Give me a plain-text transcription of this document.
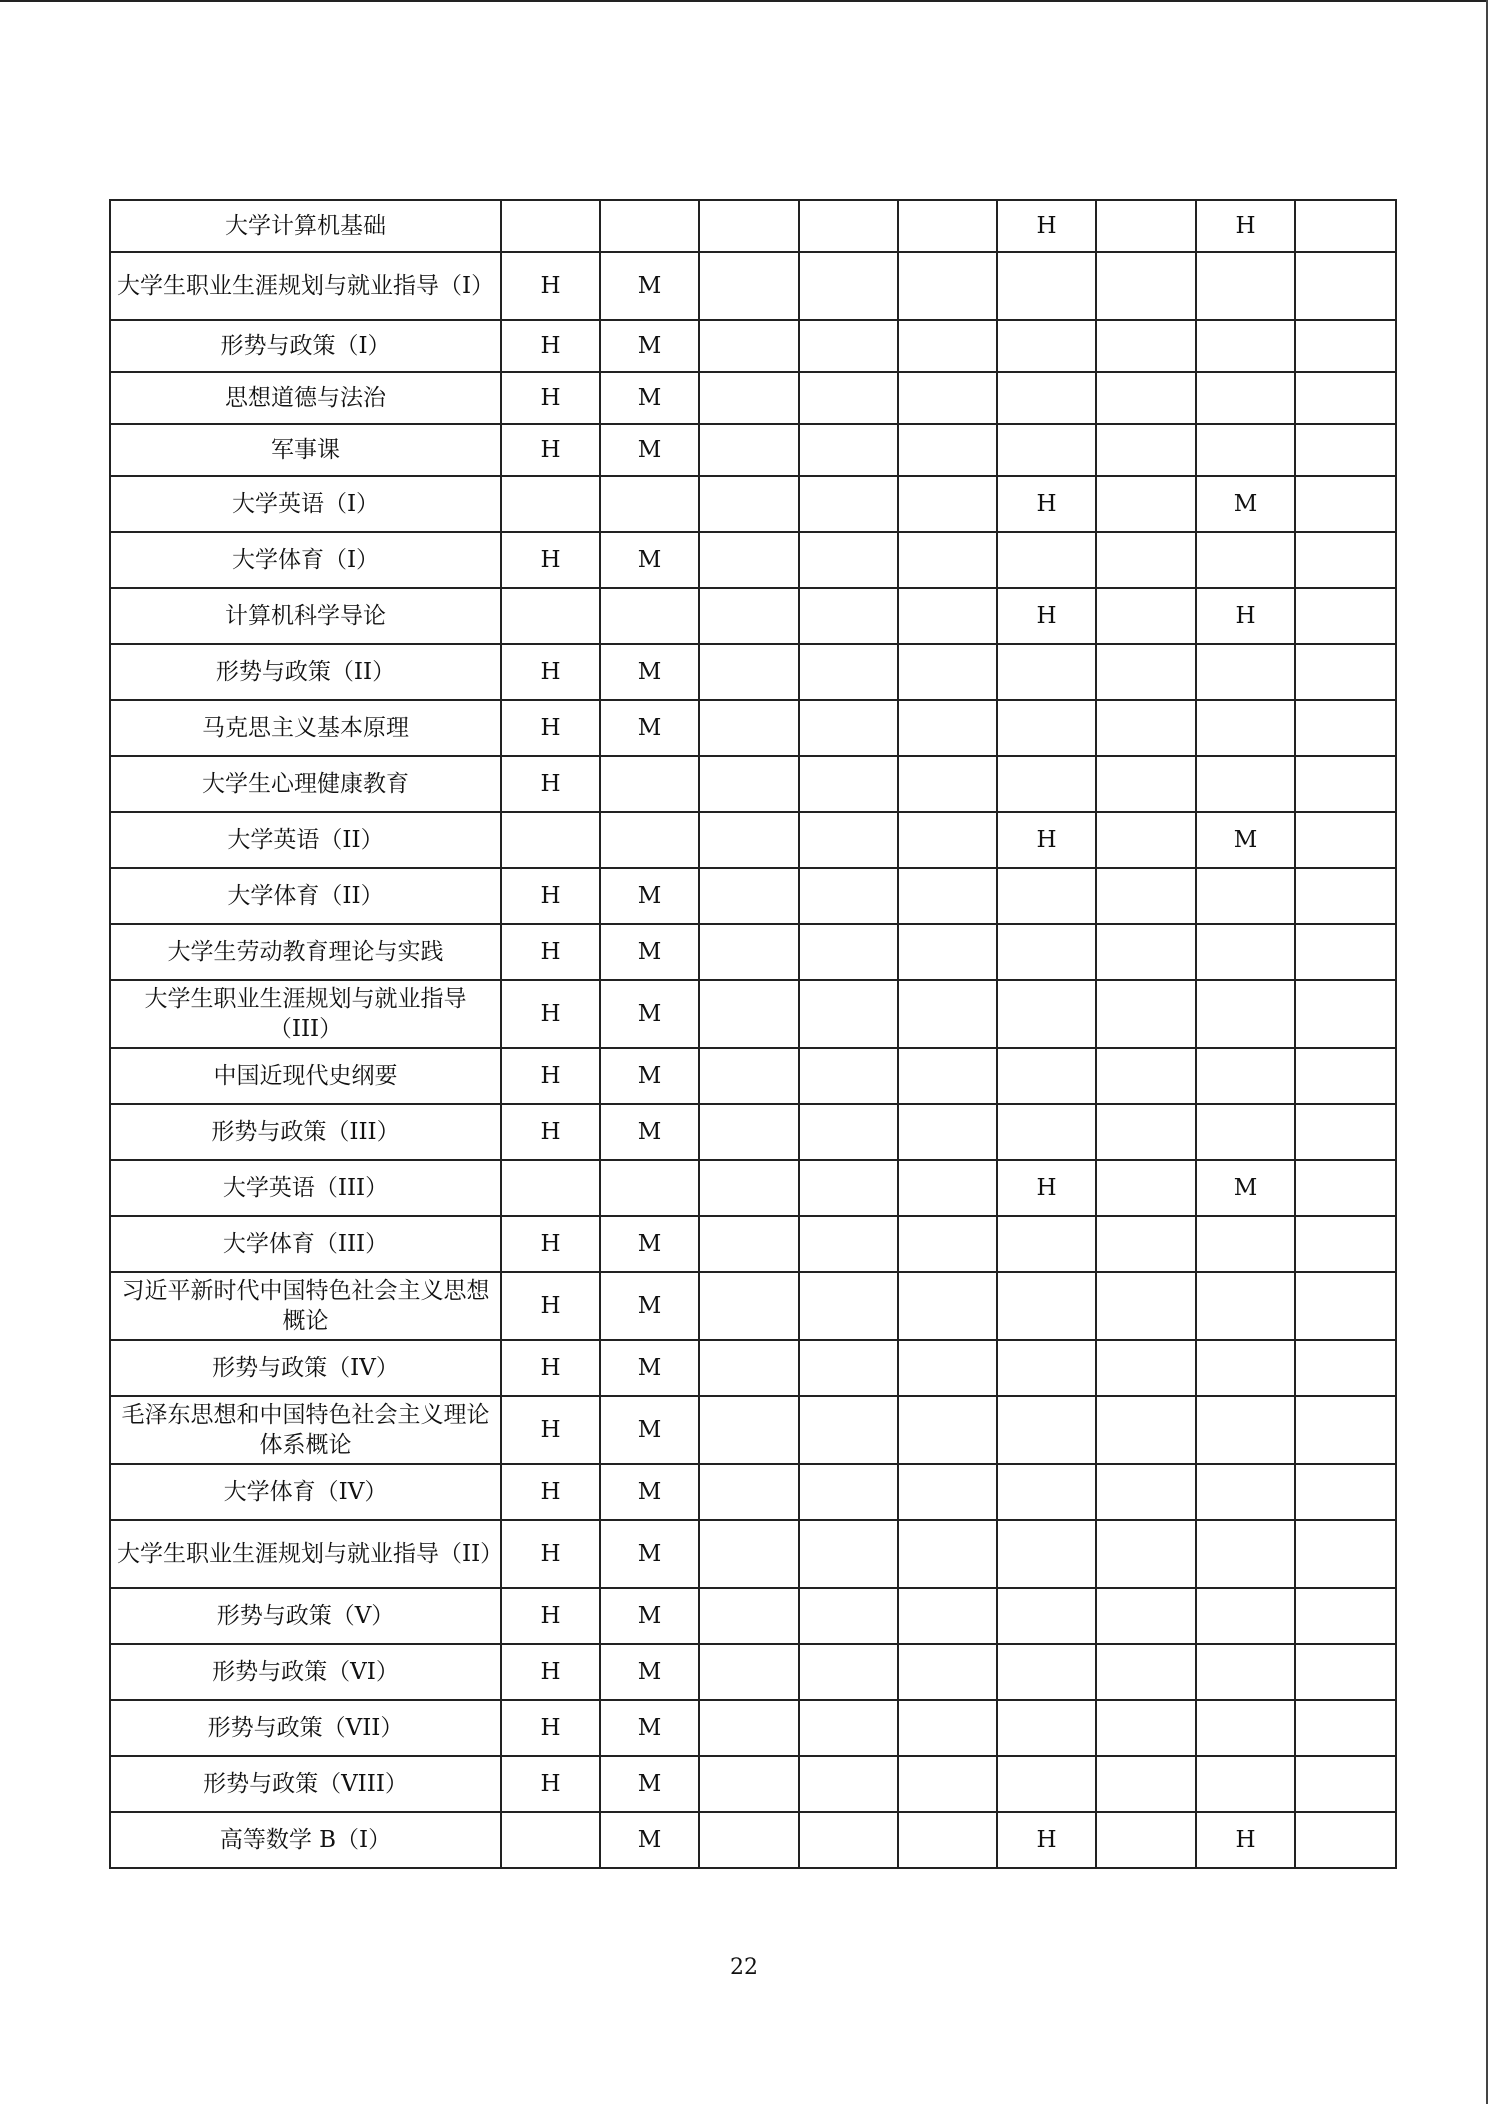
大学计算机基础						H		H	
大学生职业生涯规划与就业指导（I）	H	M							
形势与政策（I）	H	M							
思想道德与法治	H	M							
军事课	H	M							
大学英语（I）						H		M	
大学体育（I）	H	M							
计算机科学导论						H		H	
形势与政策（II）	H	M							
马克思主义基本原理	H	M							
大学生心理健康教育	H								
大学英语（II）						H		M	
大学体育（II）	H	M							
大学生劳动教育理论与实践	H	M							
大学生职业生涯规划与就业指导（III）	H	M							
中国近现代史纲要	H	M							
形势与政策（III）	H	M							
大学英语（III）						H		M	
大学体育（III）	H	M							
习近平新时代中国特色社会主义思想概论	H	M							
形势与政策（IV）	H	M							
毛泽东思想和中国特色社会主义理论体系概论	H	M							
大学体育（IV）	H	M							
大学生职业生涯规划与就业指导（II）	H	M							
形势与政策（V）	H	M							
形势与政策（VI）	H	M							
形势与政策（VII）	H	M							
形势与政策（VIII）	H	M							
高等数学 B（I）		M				H		H	
22
